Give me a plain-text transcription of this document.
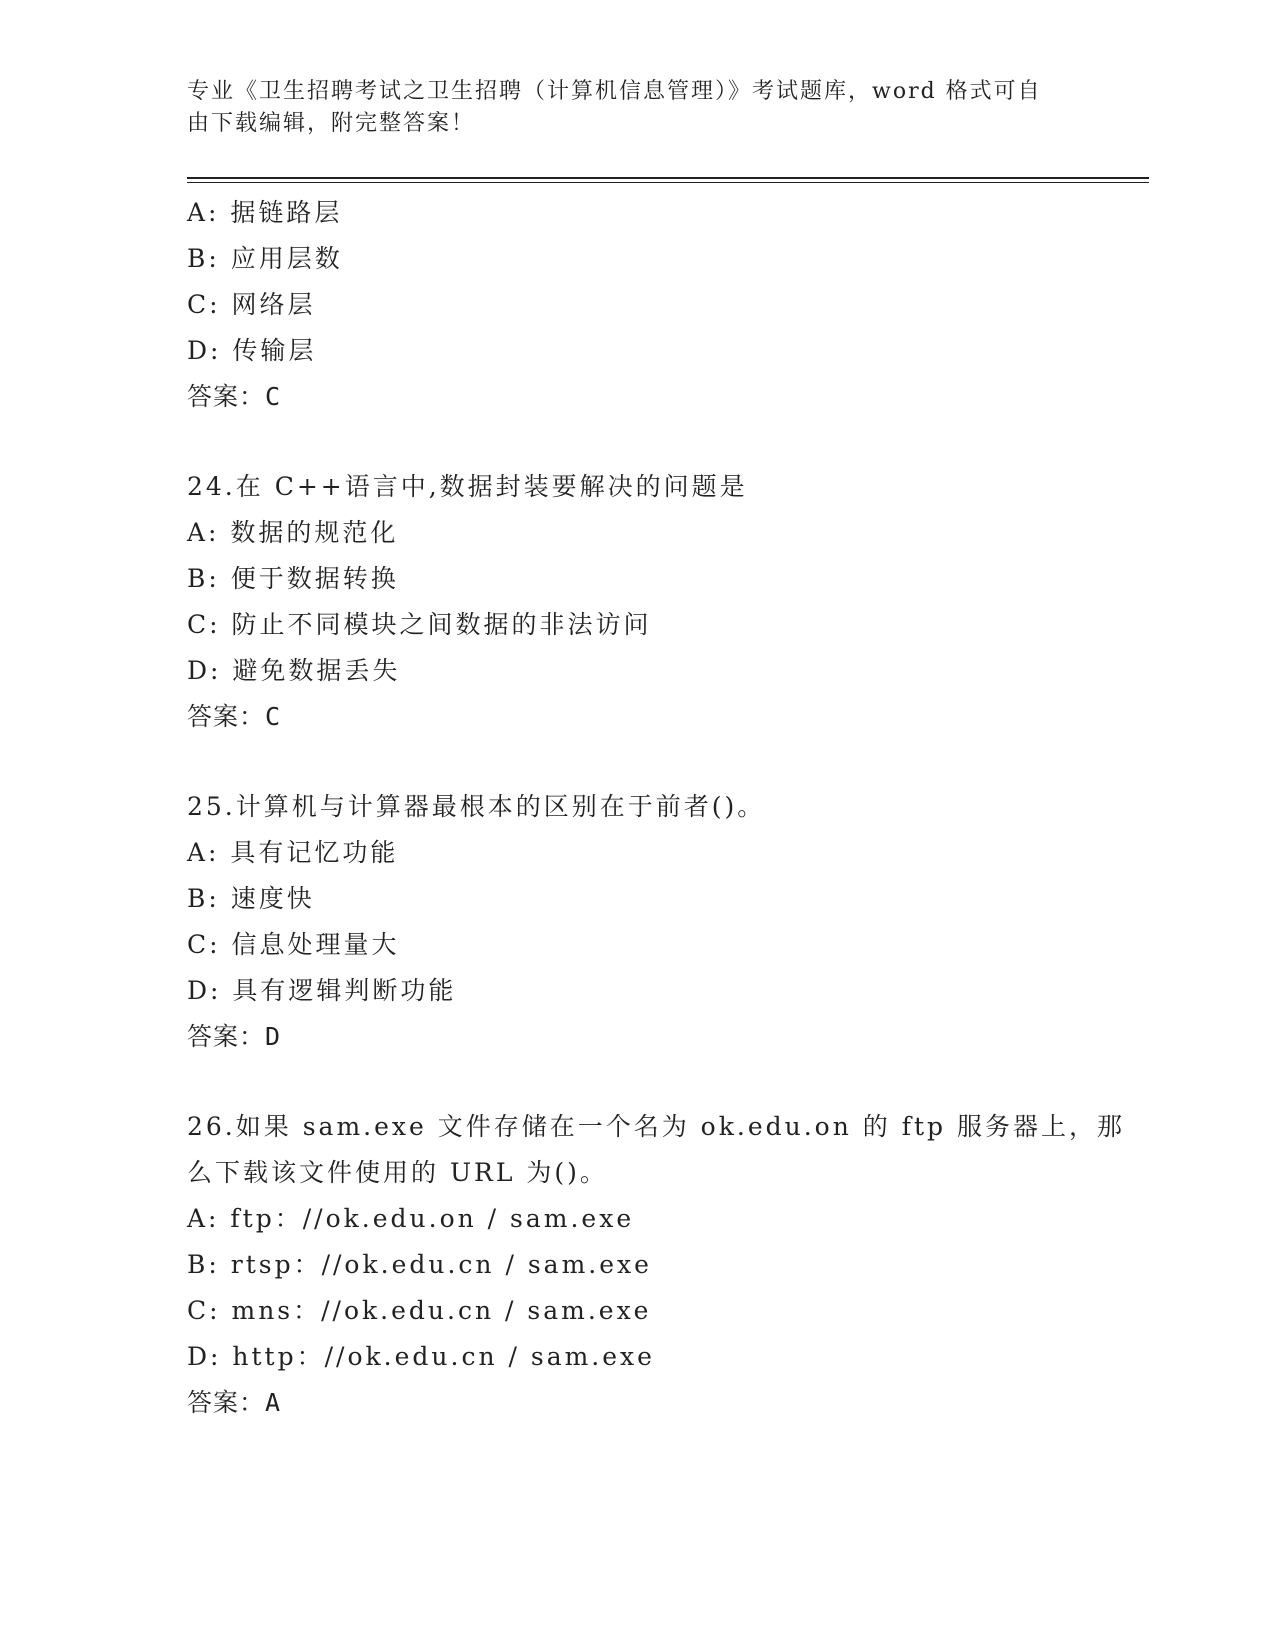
专业《卫生招聘考试之卫生招聘（计算机信息管理）》考试题库，word 格式可自
由下载编辑，附完整答案！
A: 据链路层
B: 应用层数
C: 网络层
D: 传输层
答案：C
24.在 C++语言中,数据封装要解决的问题是
A: 数据的规范化
B: 便于数据转换
C: 防止不同模块之间数据的非法访问
D: 避免数据丢失
答案：C
25.计算机与计算器最根本的区别在于前者()。
A: 具有记忆功能
B: 速度快
C: 信息处理量大
D: 具有逻辑判断功能
答案：D
26.如果 sam.exe 文件存储在一个名为 ok.edu.on 的 ftp 服务器上，那
么下载该文件使用的 URL 为()。
A: ftp：//ok.edu.on / sam.exe
B: rtsp：//ok.edu.cn / sam.exe
C: mns：//ok.edu.cn / sam.exe
D: http：//ok.edu.cn / sam.exe
答案：A
